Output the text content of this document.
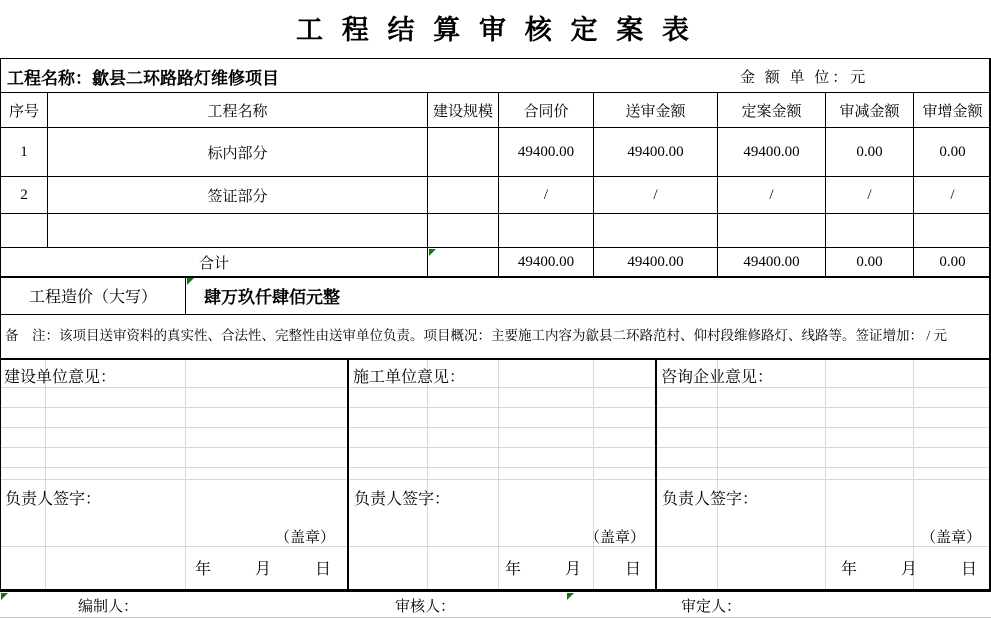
工 程 结 算 审 核 定 案 表
工程名称：歙县二环路路灯维修项目	金 额 单 位：元
序号	工程名称	建设规模	合同价	送审金额	定案金额	审减金额	审增金额
1	标内部分		49400.00	49400.00	49400.00	0.00	0.00
2	签证部分		/	/	/	/	/

合计			49400.00	49400.00	49400.00	0.00	0.00
工程造价（大写）	肆万玖仟肆佰元整
备　注：该项目送审资料的真实性、合法性、完整性由送审单位负责。项目概况：主要施工内容为歙县二环路范村、仰村段维修路灯、线路等。签证增加： / 元
建设单位意见：
负责人签字：
（盖章）
年	月	日
施工单位意见：
负责人签字：
（盖章）
年	月	日
咨询企业意见：
负责人签字：
（盖章）
年	月	日
编制人：	审核人：	审定人：
